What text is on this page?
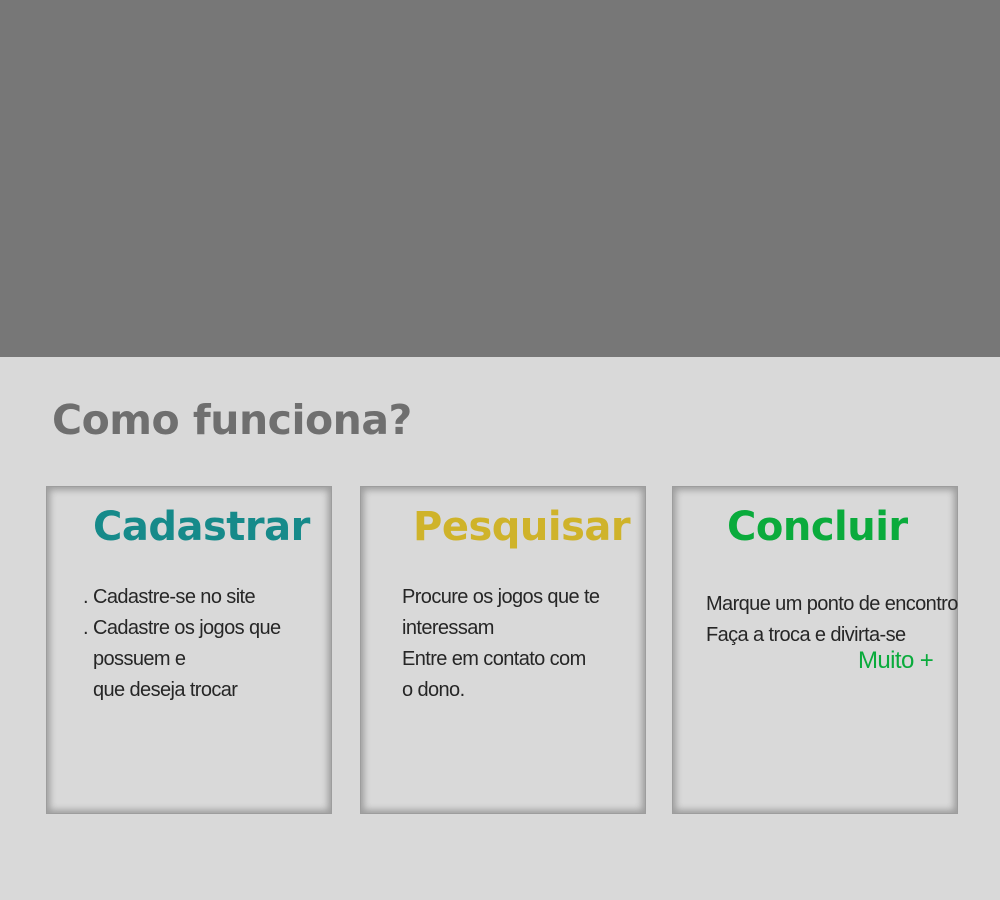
Como funciona?
Cadastrar
. Cadastre-se no site
. Cadastre os jogos que
possuem e
que deseja trocar
Pesquisar
Procure os jogos que te
interessam
Entre em contato com
o dono.
Concluir
Marque um ponto de encontro
Faça a troca e divirta-se
Muito +
